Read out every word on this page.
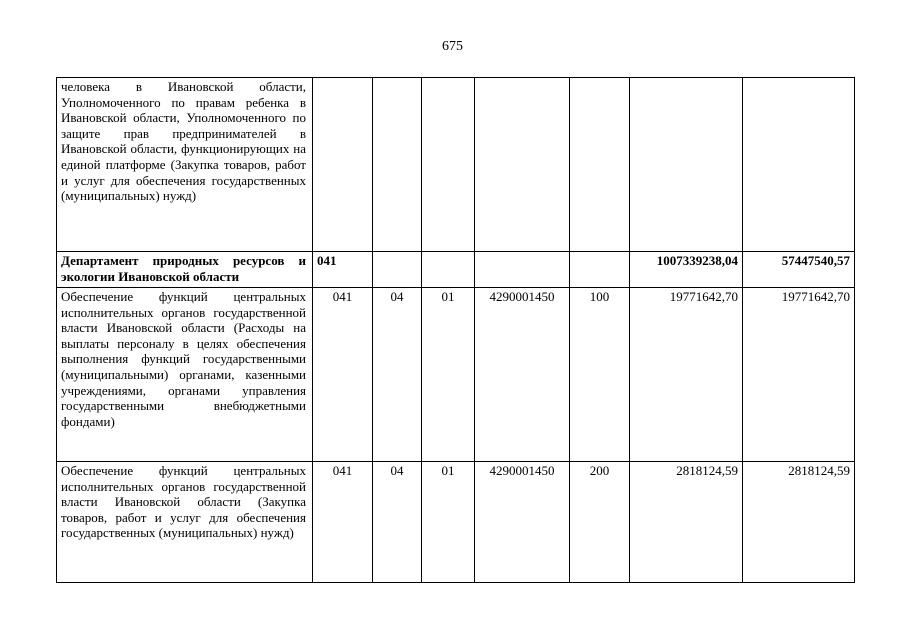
675
человека в Ивановской области, Уполномоченного по правам ребенка в Ивановской области, Уполномоченного по защите прав предпринимателей в Ивановской области, функционирующих на единой платформе (Закупка товаров, работ и услуг для обеспечения государственных (муниципальных) нужд)							
Департамент природных ресурсов и экологии Ивановской области	041					1007339238,04	57447540,57
Обеспечение функций центральных исполнительных органов государственной власти Ивановской области (Расходы на выплаты персоналу в целях обеспечения выполнения функций государственными (муниципальными) органами, казенными учреждениями, органами управления государственными внебюджетными фондами)	041	04	01	4290001450	100	19771642,70	19771642,70
Обеспечение функций центральных исполнительных органов государственной власти Ивановской области (Закупка товаров, работ и услуг для обеспечения государственных (муниципальных) нужд)	041	04	01	4290001450	200	2818124,59	2818124,59
